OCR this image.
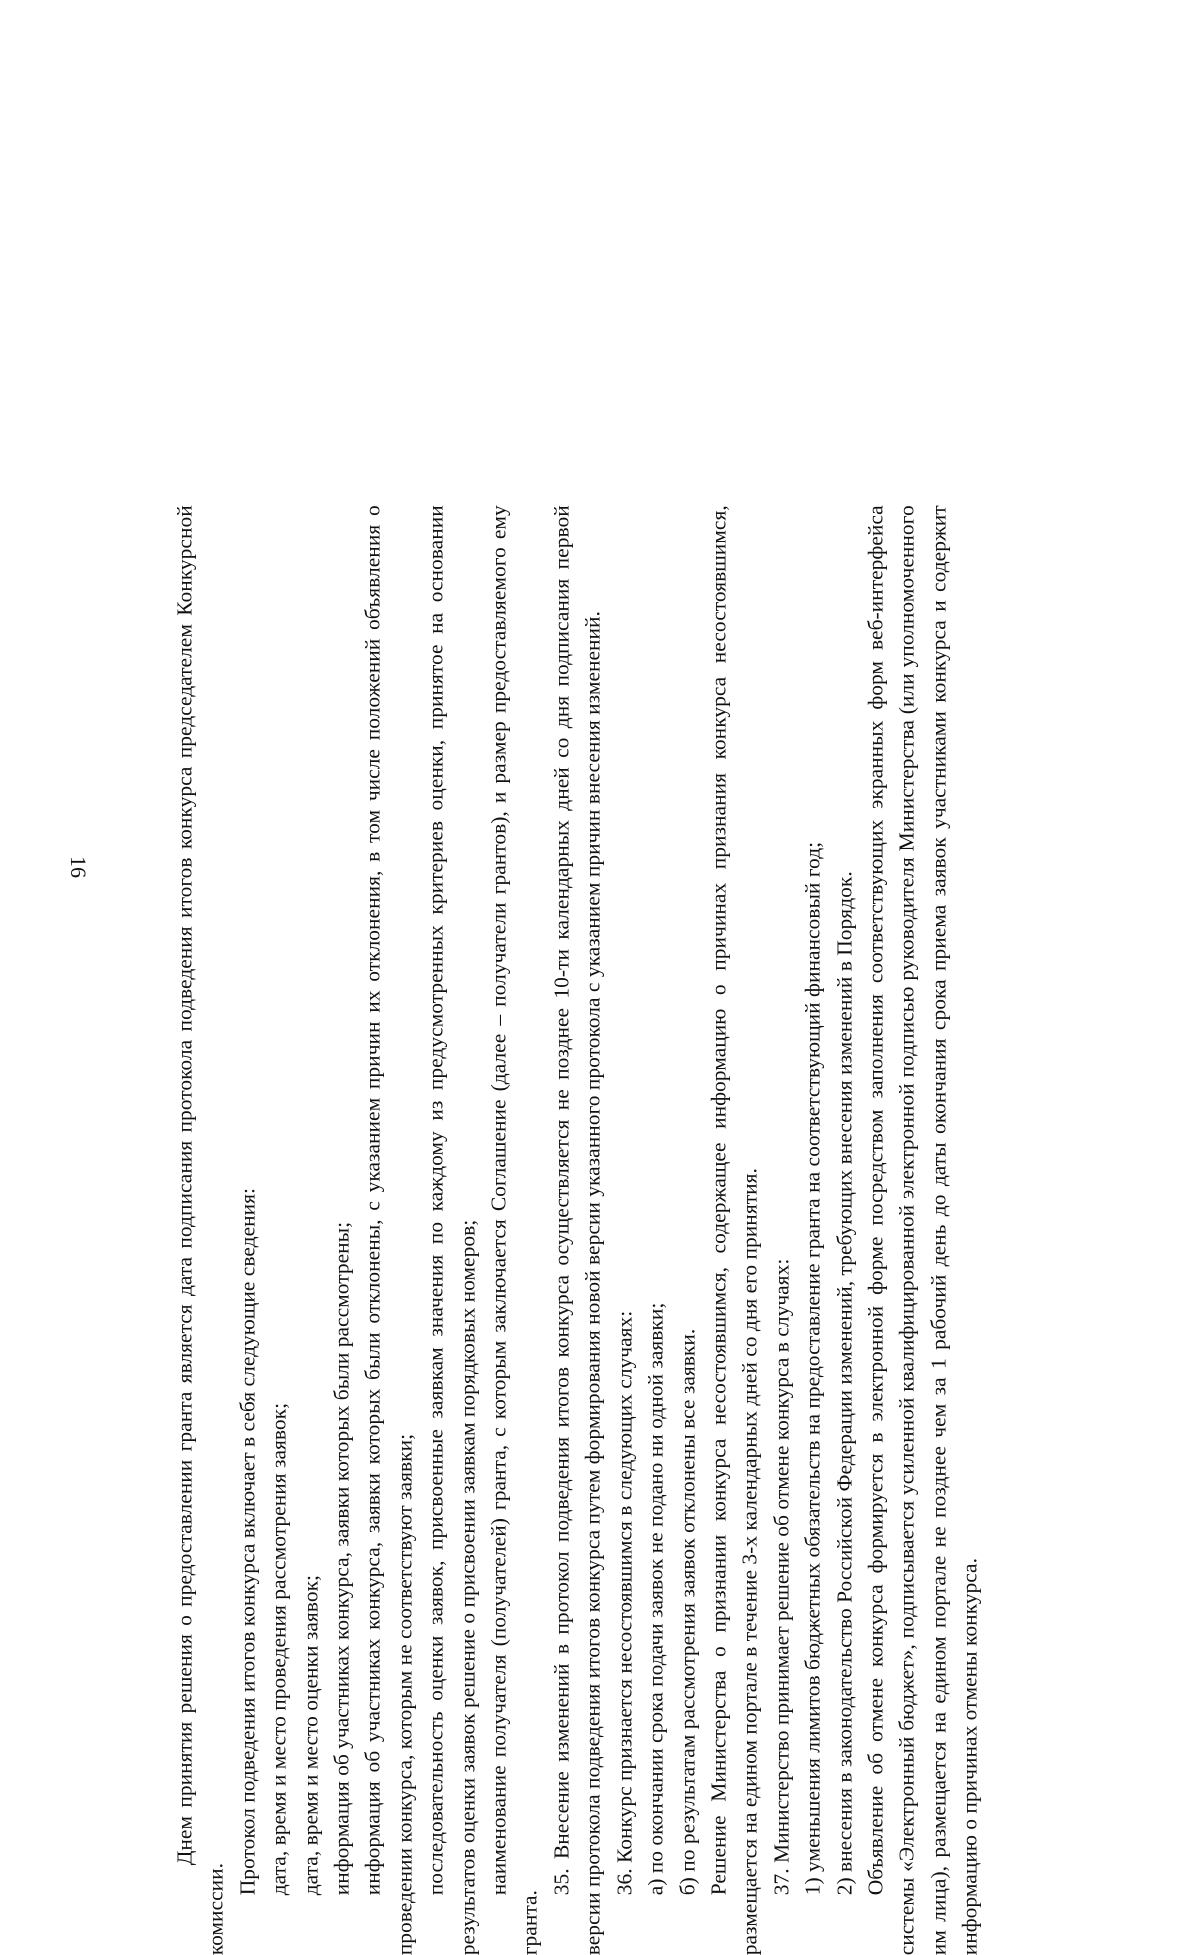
16	Днем принятия решения о предоставлении гранта является дата подписания протокола подведения итогов конкурса председателем Конкурсной комиссии.

Протокол подведения итогов конкурса включает в себя следующие сведения: дата, время и место проведения рассмотрения заявок; дата, время и место оценки заявок; информация об участниках конкурса, заявки которых были рассмотрены; информация об участниках конкурса, заявки которых были отклонены, с указанием причин их отклонения, в том числе положений объявления о проведении конкурса, которым не соответствуют заявки; последовательность оценки заявок, присвоенные заявкам значения по каждому из предусмотренных критериев оценки, принятое на основании результатов оценки заявок решение о присвоении заявкам порядковых номеров; наименование получателя (получателей) гранта, с которым заключается Соглашение (далее – получатели грантов), и размер предоставляемого ему гранта.

35. Внесение изменений в протокол подведения итогов конкурса осуществляется не позднее 10-ти календарных дней со дня подписания первой версии протокола подведения итогов конкурса путем формирования новой версии указанного протокола с указанием причин внесения изменений. 36. Конкурс признается несостоявшимся в следующих случаях: а) по окончании срока подачи заявок не подано ни одной заявки; б) по результатам рассмотрения заявок отклонены все заявки. Решение Министерства о признании конкурса несостоявшимся, содержащее информацию о причинах признания конкурса несостоявшимся, размещается на едином портале в течение 3-х календарных дней со дня его принятия. 37. Министерство принимает решение об отмене конкурса в случаях: 1) уменьшения лимитов бюджетных обязательств на предоставление гранта на соответствующий финансовый год; 2) внесения в законодательство Российской Федерации изменений, требующих внесения изменений в Порядок. Объявление об отмене конкурса формируется в электронной форме посредством заполнения соответствующих экранных форм веб-интерфейса системы «Электронный бюджет», подписывается усиленной квалифицированной электронной подписью руководителя Министерства (или уполномоченного им лица), размещается на едином портале не позднее чем за 1 рабочий день до даты окончания срока приема заявок участниками конкурса и содержит информацию о причинах отмены конкурса.
